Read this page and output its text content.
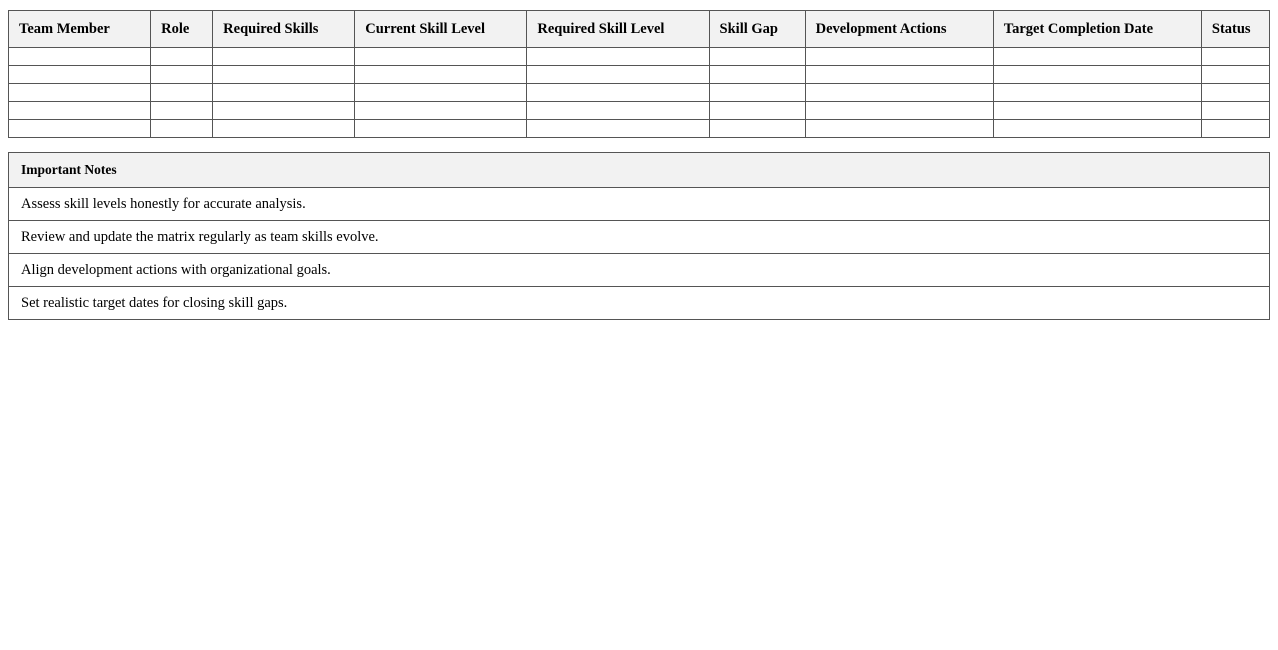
Team Member	Role	Required Skills	Current Skill Level	Required Skill Level	Skill Gap	Development Actions	Target Completion Date	Status

Important Notes
Assess skill levels honestly for accurate analysis.
Review and update the matrix regularly as team skills evolve.
Align development actions with organizational goals.
Set realistic target dates for closing skill gaps.
